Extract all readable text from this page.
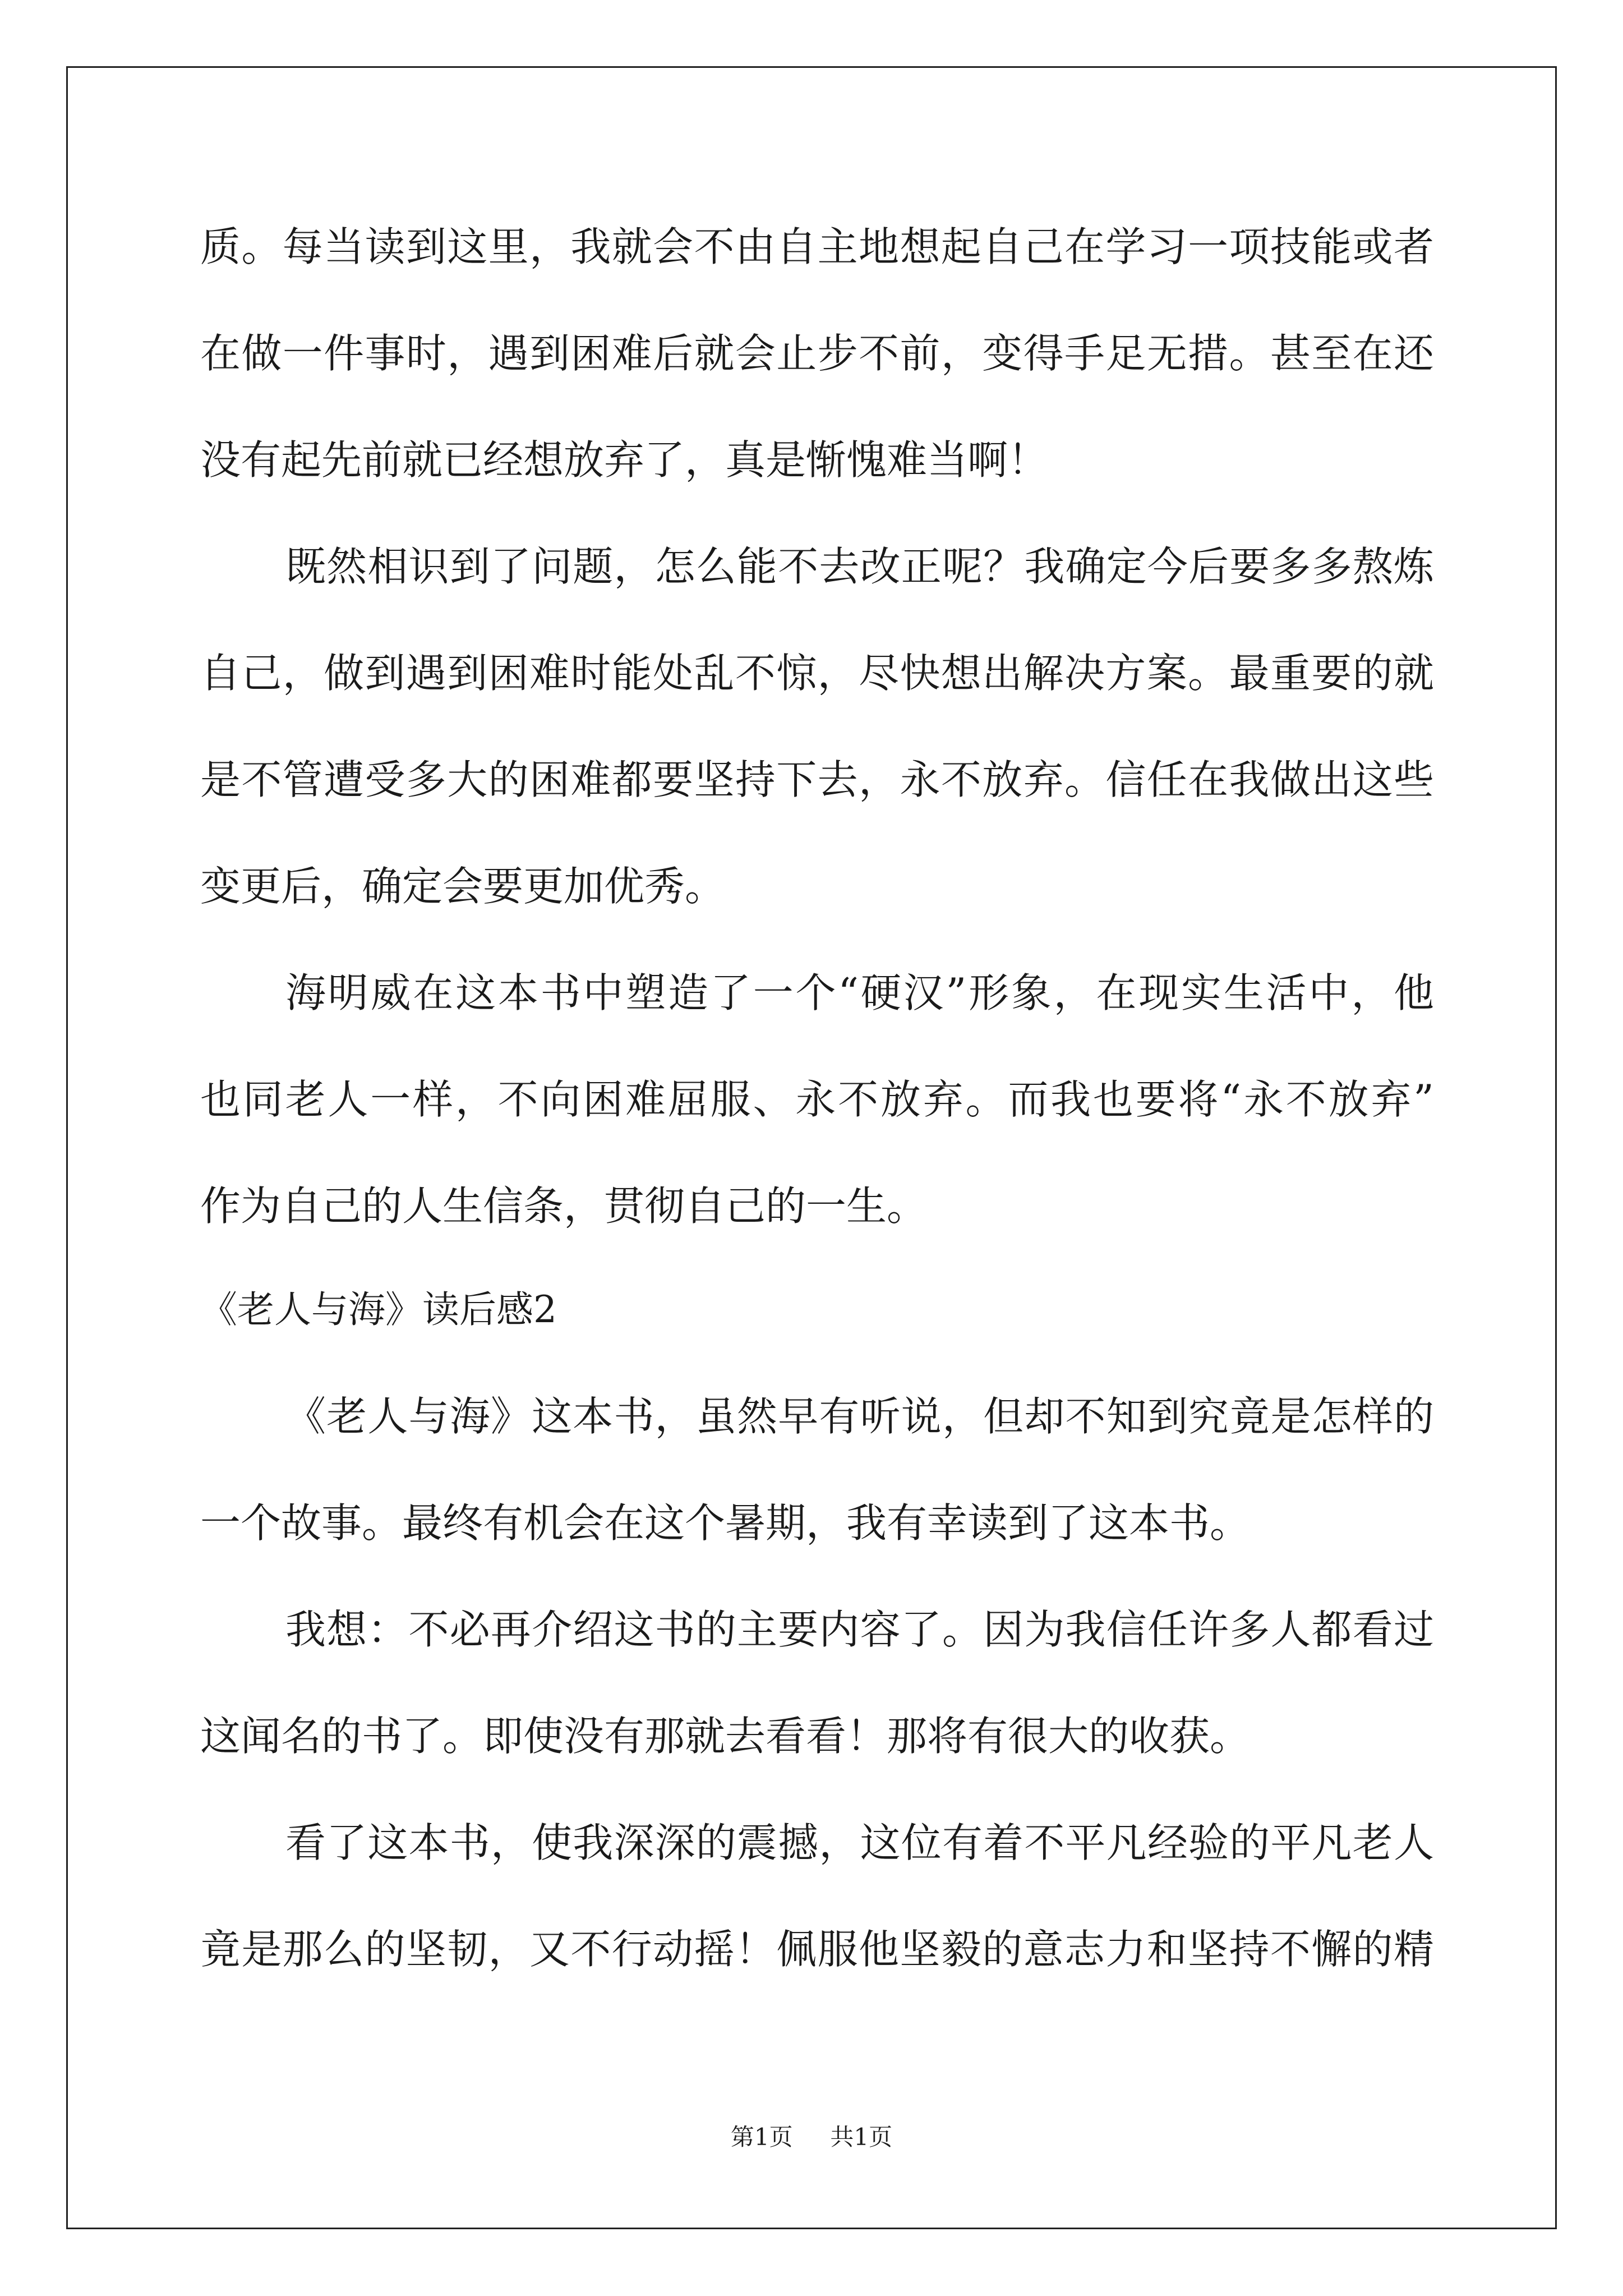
质。每当读到这里，我就会不由自主地想起自己在学习一项技能或者
在做一件事时，遇到困难后就会止步不前，变得手足无措。甚至在还
没有起先前就已经想放弃了，真是惭愧难当啊！
既然相识到了问题，怎么能不去改正呢？我确定今后要多多熬炼
自己，做到遇到困难时能处乱不惊，尽快想出解决方案。最重要的就
是不管遭受多大的困难都要坚持下去，永不放弃。信任在我做出这些
变更后，确定会要更加优秀。
海明威在这本书中塑造了一个“硬汉”形象，在现实生活中，他
也同老人一样，不向困难屈服、永不放弃。而我也要将“永不放弃”
作为自己的人生信条，贯彻自己的一生。
《老人与海》读后感2
《老人与海》这本书，虽然早有听说，但却不知到究竟是怎样的
一个故事。最终有机会在这个暑期，我有幸读到了这本书。
我想：不必再介绍这书的主要内容了。因为我信任许多人都看过
这闻名的书了。即使没有那就去看看！那将有很大的收获。
看了这本书，使我深深的震撼，这位有着不平凡经验的平凡老人
竟是那么的坚韧，又不行动摇！佩服他坚毅的意志力和坚持不懈的精
第1页 共1页
